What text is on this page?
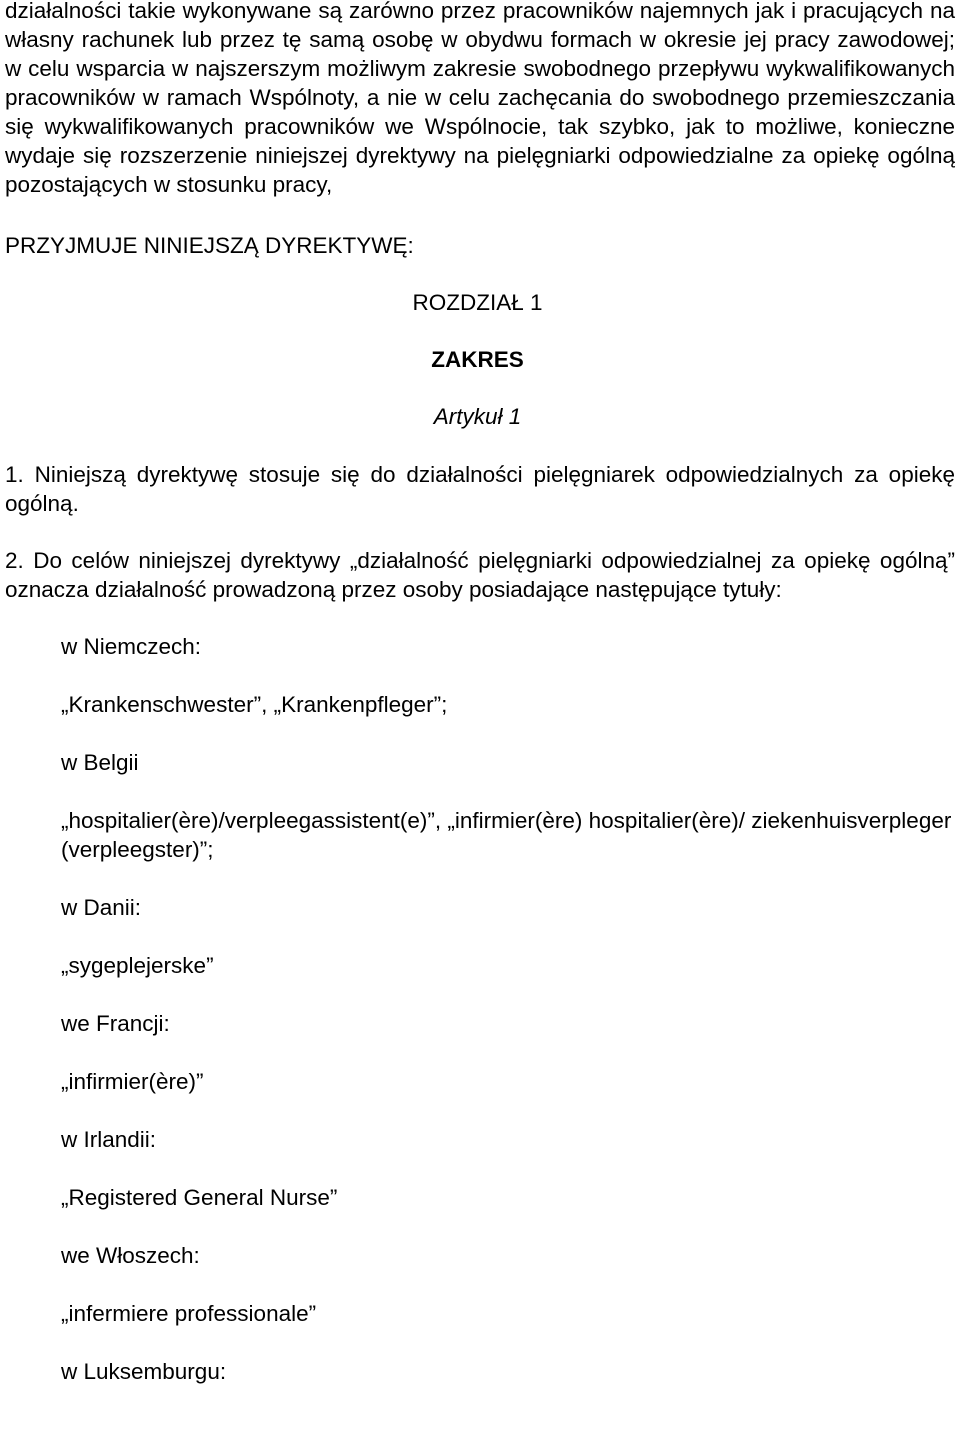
działalności takie wykonywane są zarówno przez pracowników najemnych jak i pracujących na własny rachunek lub przez tę samą osobę w obydwu formach w okresie jej pracy zawodowej; w celu wsparcia w najszerszym możliwym zakresie swobodnego przepływu wykwalifikowanych pracowników w ramach Wspólnoty, a nie w celu zachęcania do swobodnego przemieszczania się wykwalifikowanych pracowników we Wspólnocie, tak szybko, jak to możliwe, konieczne wydaje się rozszerzenie niniejszej dyrektywy na pielęgniarki odpowiedzialne za opiekę ogólną pozostających w stosunku pracy,

PRZYJMUJE NINIEJSZĄ DYREKTYWĘ:

ROZDZIAŁ 1
ZAKRES
Artykuł 1

1. Niniejszą dyrektywę stosuje się do działalności pielęgniarek odpowiedzialnych za opiekę ogólną.

2. Do celów niniejszej dyrektywy „działalność pielęgniarki odpowiedzialnej za opiekę ogólną” oznacza działalność prowadzoną przez osoby posiadające następujące tytuły:

w Niemczech:

„Krankenschwester”, „Krankenpfleger”;

w Belgii

„hospitalier(ère)/verpleegassistent(e)”, „infirmier(ère) hospitalier(ère)/ ziekenhuisverpleger (verpleegster)”;

w Danii:

„sygeplejerske”

we Francji:

„infirmier(ère)”

w Irlandii:

„Registered General Nurse”

we Włoszech:

„infermiere professionale”

w Luksemburgu:
